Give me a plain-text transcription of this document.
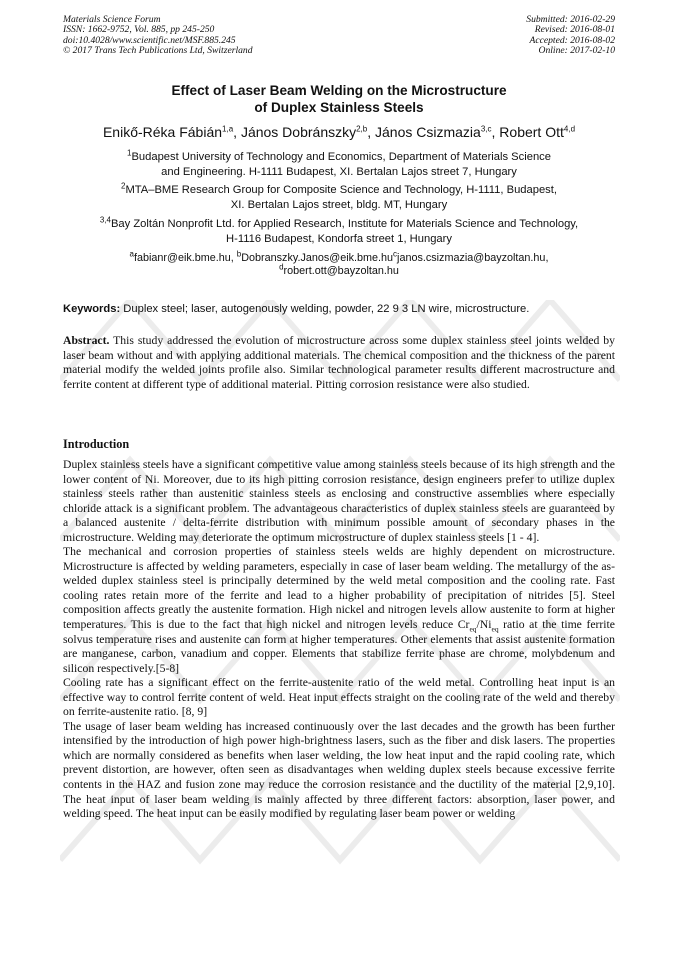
Materials Science Forum
ISSN: 1662-9752, Vol. 885, pp 245-250
doi:10.4028/www.scientific.net/MSF.885.245
© 2017 Trans Tech Publications Ltd, Switzerland
Submitted: 2016-02-29
Revised: 2016-08-01
Accepted: 2016-08-02
Online: 2017-02-10
Effect of Laser Beam Welding on the Microstructure
of Duplex Stainless Steels
Enikő-Réka Fábián$^{1,a}$, János Dobránszky$^{2,b}$, János Csizmazia$^{3,c}$, Robert Ott$^{4,d}$
$^1$Budapest University of Technology and Economics, Department of Materials Science
and Engineering. H-1111 Budapest, XI. Bertalan Lajos street 7, Hungary
$^2$MTA–BME Research Group for Composite Science and Technology, H-1111, Budapest,
XI. Bertalan Lajos street, bldg. MT, Hungary
$^{3,4}$Bay Zoltán Nonprofit Ltd. for Applied Research, Institute for Materials Science and Technology,
H-1116 Budapest, Kondorfa street 1, Hungary
$^a$fabianr@eik.bme.hu, $^bDobranszky.Janos@eik.bme.hu^cjanos.csizmazia@bayzoltan.hu$,
$^d$robert.ott@bayzoltan.hu
Keywords: Duplex steel; laser, autogenously welding, powder, 22 9 3 LN wire, microstructure.
Abstract. This study addressed the evolution of microstructure across some duplex stainless steel joints welded by laser beam without and with applying additional materials. The chemical composition and the thickness of the parent material modify the welded joints profile also. Similar technological parameter results different macrostructure and ferrite content at different type of additional material. Pitting corrosion resistance were also studied.
Introduction

Duplex stainless steels have a significant competitive value among stainless steels because of its high strength and the lower content of Ni. Moreover, due to its high pitting corrosion resistance, design engineers prefer to utilize duplex stainless steels rather than austenitic stainless steels as enclosing and constructive assemblies where especially chloride attack is a significant problem. The advantageous characteristics of duplex stainless steels are guaranteed by a balanced austenite / delta-ferrite distribution with minimum possible amount of secondary phases in the microstructure. Welding may deteriorate the optimum microstructure of duplex stainless steels [1 - 4].

The mechanical and corrosion properties of stainless steels welds are highly dependent on microstructure. Microstructure is affected by welding parameters, especially in case of laser beam welding. The metallurgy of the as-welded duplex stainless steel is principally determined by the weld metal composition and the cooling rate. Fast cooling rates retain more of the ferrite and lead to a higher probability of precipitation of nitrides [5]. Steel composition affects greatly the austenite formation. High nickel and nitrogen levels allow austenite to form at higher temperatures. This is due to the fact that high nickel and nitrogen levels reduce $Cr_{eq}/Ni_{eq}$ ratio at the time ferrite solvus temperature rises and austenite can form at higher temperatures. Other elements that assist austenite formation are manganese, carbon, vanadium and copper. Elements that stabilize ferrite phase are chrome, molybdenum and silicon respectively.[5-8]

Cooling rate has a significant effect on the ferrite-austenite ratio of the weld metal. Controlling heat input is an effective way to control ferrite content of weld. Heat input effects straight on the cooling rate of the weld and thereby on ferrite-austenite ratio. [8, 9]

The usage of laser beam welding has increased continuously over the last decades and the growth has been further intensified by the introduction of high power high-brightness lasers, such as the fiber and disk lasers. The properties which are normally considered as benefits when laser welding, the low heat input and the rapid cooling rate, which prevent distortion, are however, often seen as disadvantages when welding duplex steels because excessive ferrite contents in the HAZ and fusion zone may reduce the corrosion resistance and the ductility of the material [2,9,10]. The heat input of laser beam welding is mainly affected by three different factors: absorption, laser power, and welding speed. The heat input can be easily modified by regulating laser beam power or welding
